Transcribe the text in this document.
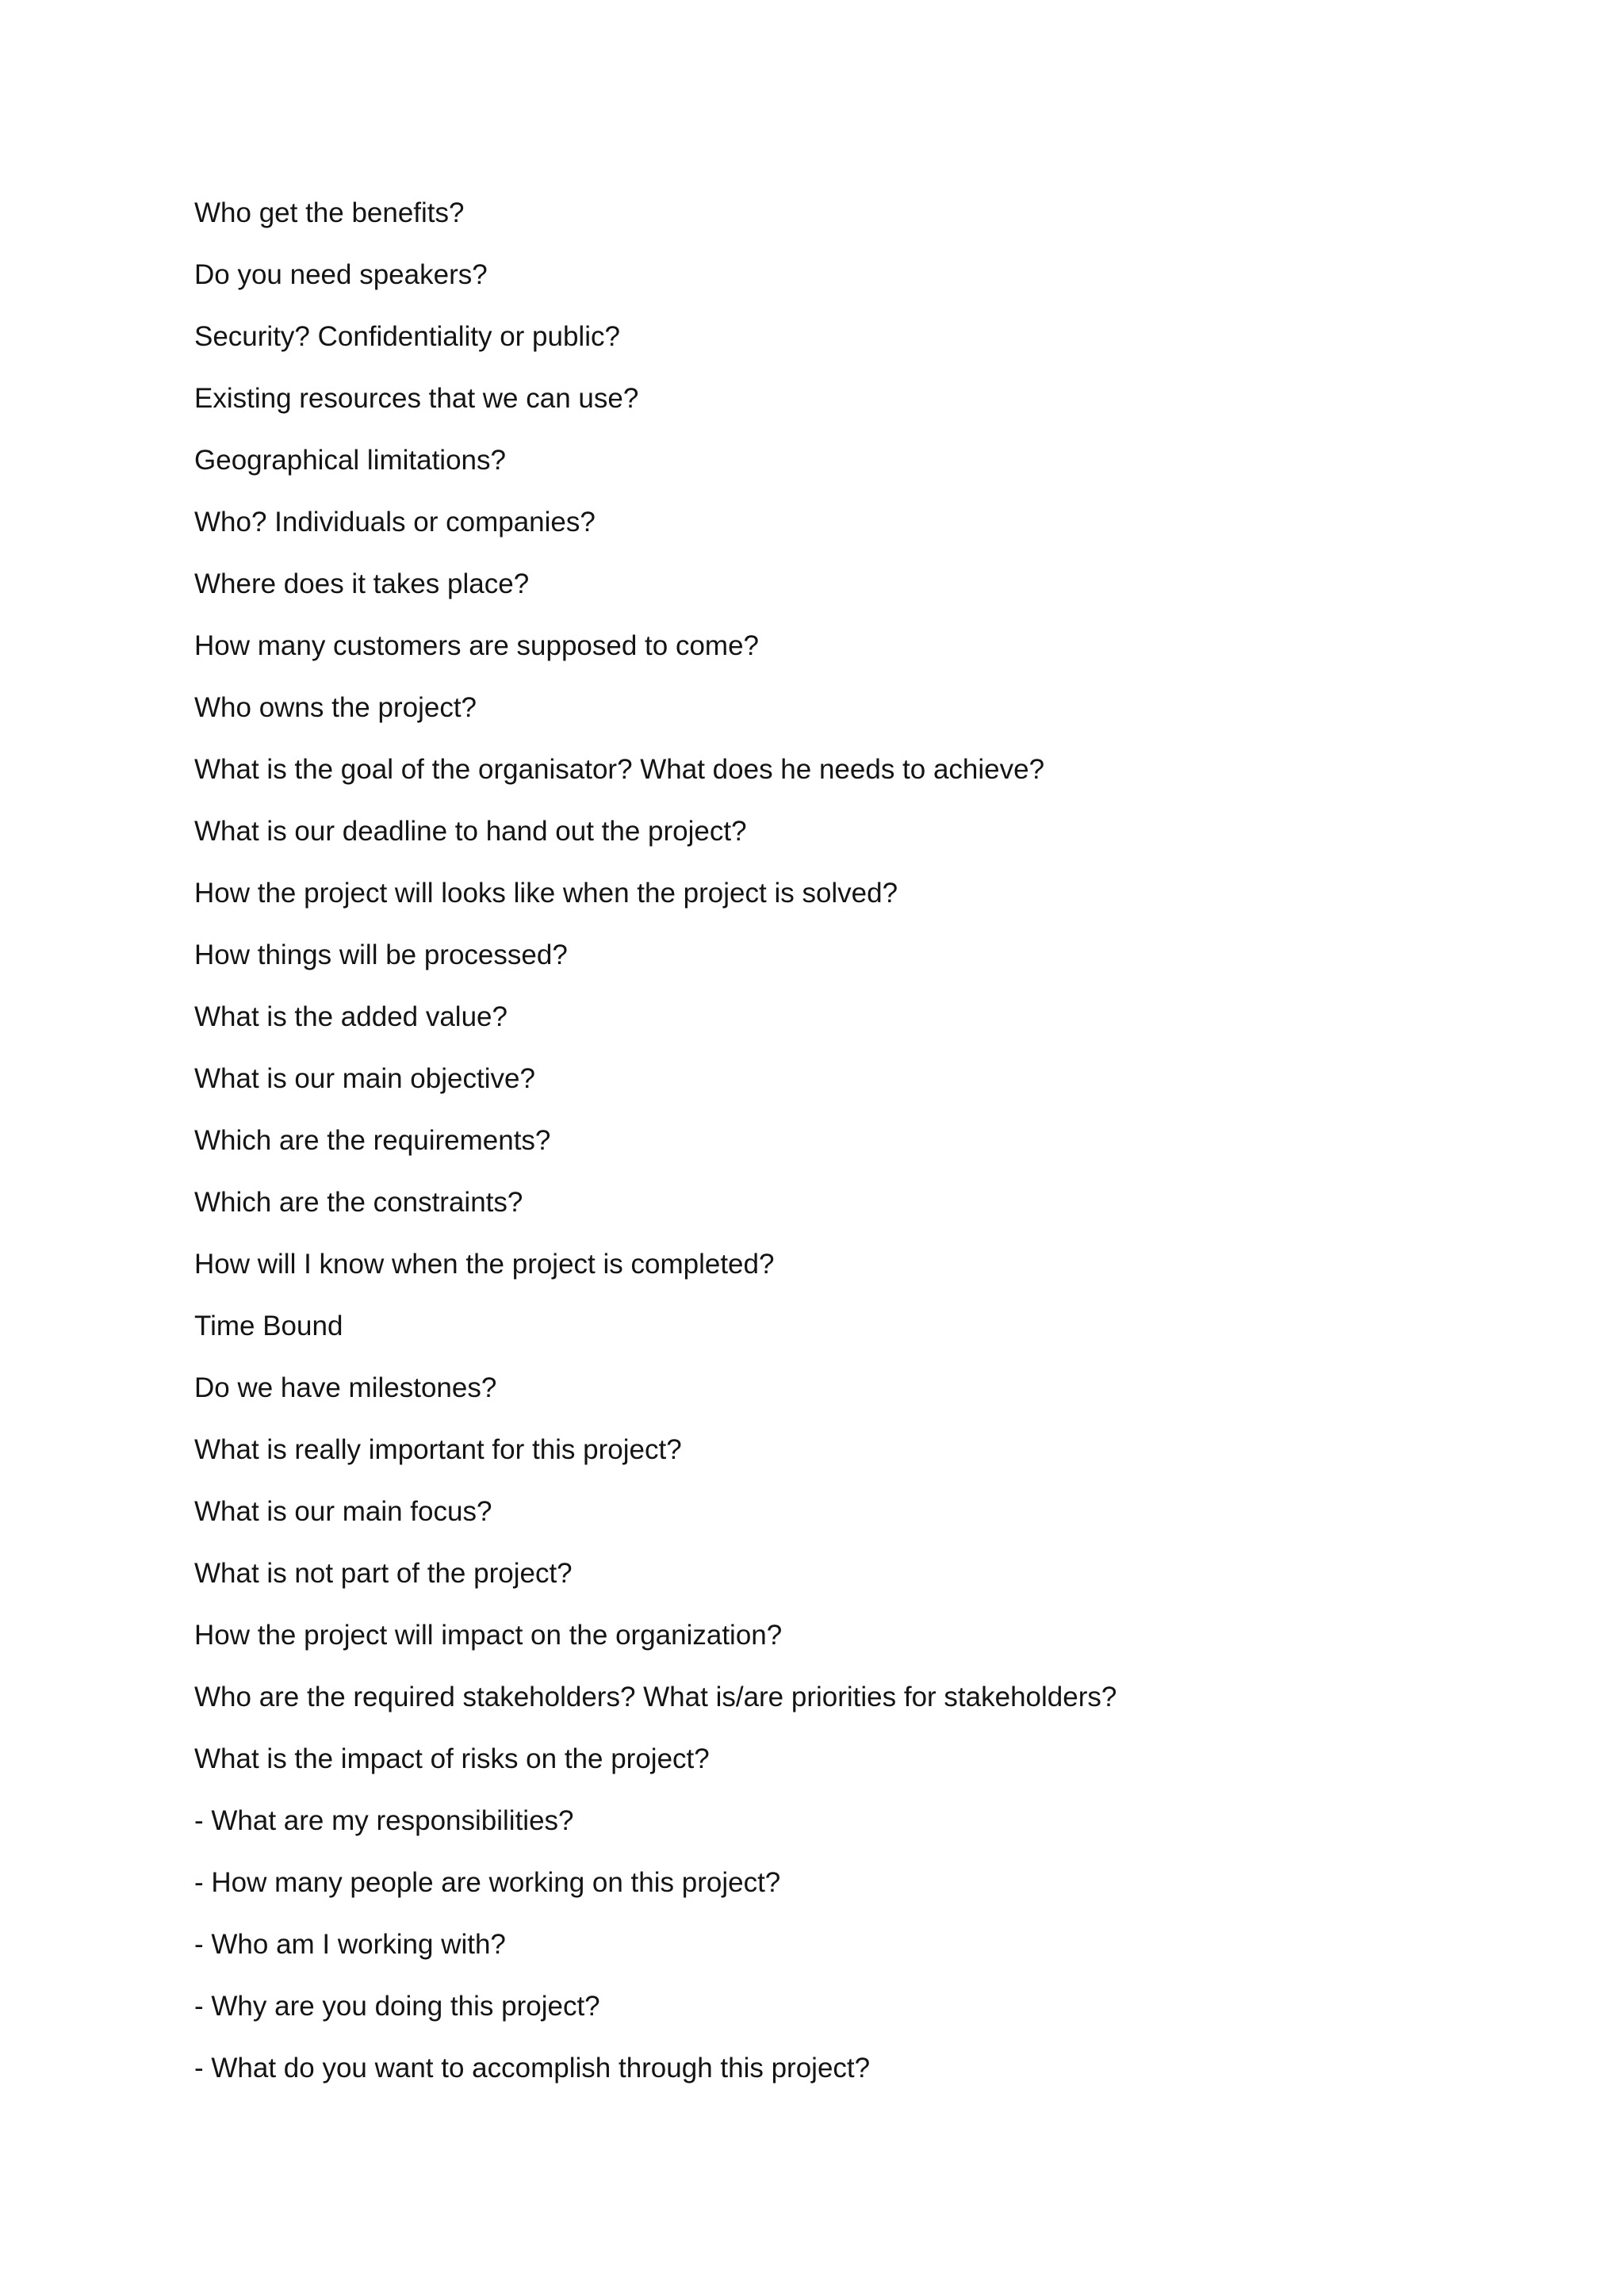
Who get the benefits?
Do you need speakers?
Security? Confidentiality or public?
Existing resources that we can use?
Geographical limitations?
Who? Individuals or companies?
Where does it takes place?
How many customers are supposed to come?
Who owns the project?
What is the goal of the organisator? What does he needs to achieve?
What is our deadline to hand out the project?
How the project will looks like when the project is solved?
How things will be processed?
What is the added value?
What is our main objective?
Which are the requirements?
Which are the constraints?
How will I know when the project is completed?
Time Bound
Do we have milestones?
What is really important for this project?
What is our main focus?
What is not part of the project?
How the project will impact on the organization?
Who are the required stakeholders? What is/are priorities for stakeholders?
What is the impact of risks on the project?
- What are my responsibilities?
- How many people are working on this project?
- Who am I working with?
- Why are you doing this project?
- What do you want to accomplish through this project?
